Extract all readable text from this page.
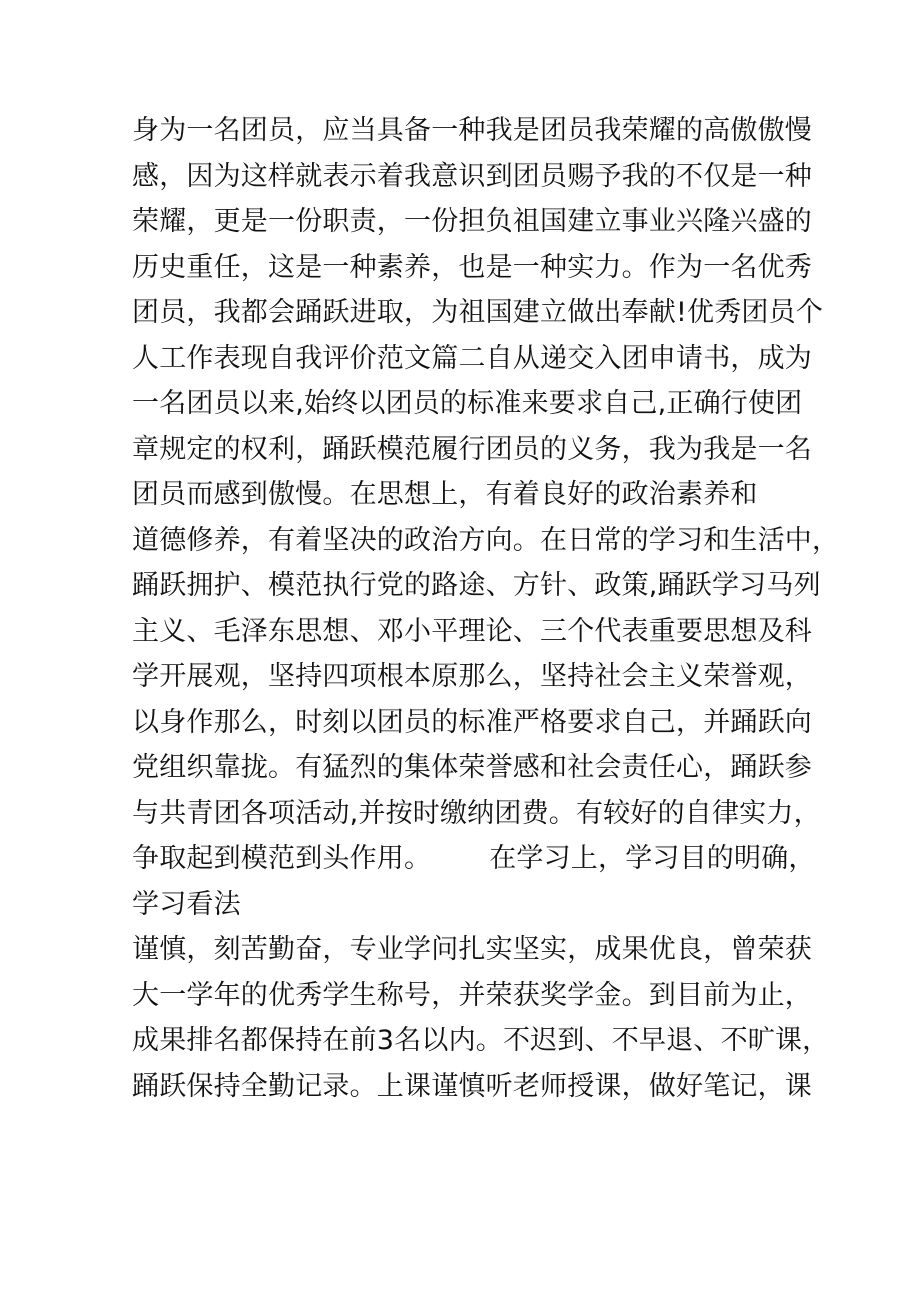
身为一名团员，应当具备一种我是团员我荣耀的高傲傲慢
感，因为这样就表示着我意识到团员赐予我的不仅是一种
荣耀，更是一份职责，一份担负祖国建立事业兴隆兴盛的
历史重任，这是一种素养，也是一种实力。作为一名优秀
团员，我都会踊跃进取，为祖国建立做出奉献!优秀团员个
人工作表现自我评价范文篇二自从递交入团申请书，成为
一名团员以来,始终以团员的标准来要求自己,正确行使团
章规定的权利，踊跃模范履行团员的义务，我为我是一名
团员而感到傲慢。在思想上，有着良好的政治素养和
道德修养，有着坚决的政治方向。在日常的学习和生活中，
踊跃拥护、模范执行党的路途、方针、政策,踊跃学习马列
主义、毛泽东思想、邓小平理论、三个代表重要思想及科
学开展观，坚持四项根本原那么，坚持社会主义荣誉观，
以身作那么，时刻以团员的标准严格要求自己，并踊跃向
党组织靠拢。有猛烈的集体荣誉感和社会责任心，踊跃参
与共青团各项活动,并按时缴纳团费。有较好的自律实力，
争取起到模范到头作用。 在学习上，学习目的明确，
学习看法
谨慎，刻苦勤奋，专业学问扎实坚实，成果优良，曾荣获
大一学年的优秀学生称号，并荣获奖学金。到目前为止，
成果排名都保持在前3名以内。不迟到、不早退、不旷课，
踊跃保持全勤记录。上课谨慎听老师授课，做好笔记，课
